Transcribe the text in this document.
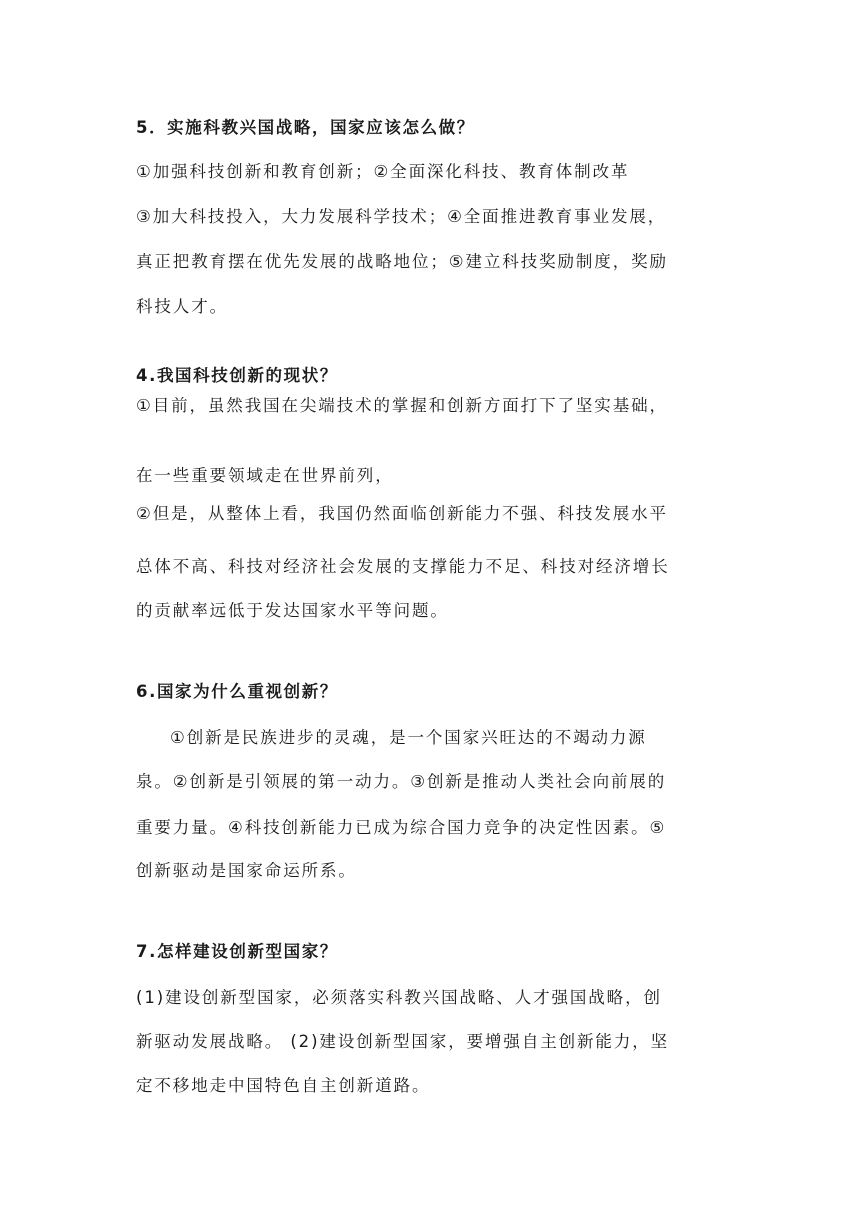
5．实施科教兴国战略，国家应该怎么做？
①加强科技创新和教育创新；②全面深化科技、教育体制改革
③加大科技投入，大力发展科学技术；④全面推进教育事业发展，
真正把教育摆在优先发展的战略地位；⑤建立科技奖励制度，奖励
科技人才。
4.我国科技创新的现状？
①目前，虽然我国在尖端技术的掌握和创新方面打下了坚实基础，
在一些重要领域走在世界前列，
②但是，从整体上看，我国仍然面临创新能力不强、科技发展水平
总体不高、科技对经济社会发展的支撑能力不足、科技对经济增长
的贡献率远低于发达国家水平等问题。
6.国家为什么重视创新？
①创新是民族进步的灵魂，是一个国家兴旺达的不竭动力源
泉。②创新是引领展的第一动力。③创新是推动人类社会向前展的
重要力量。④科技创新能力已成为综合国力竞争的决定性因素。⑤
创新驱动是国家命运所系。
7.怎样建设创新型国家？
(1)建设创新型国家，必须落实科教兴国战略、人才强国战略，创
新驱动发展战略。 (2)建设创新型国家，要增强自主创新能力，坚
定不移地走中国特色自主创新道路。
